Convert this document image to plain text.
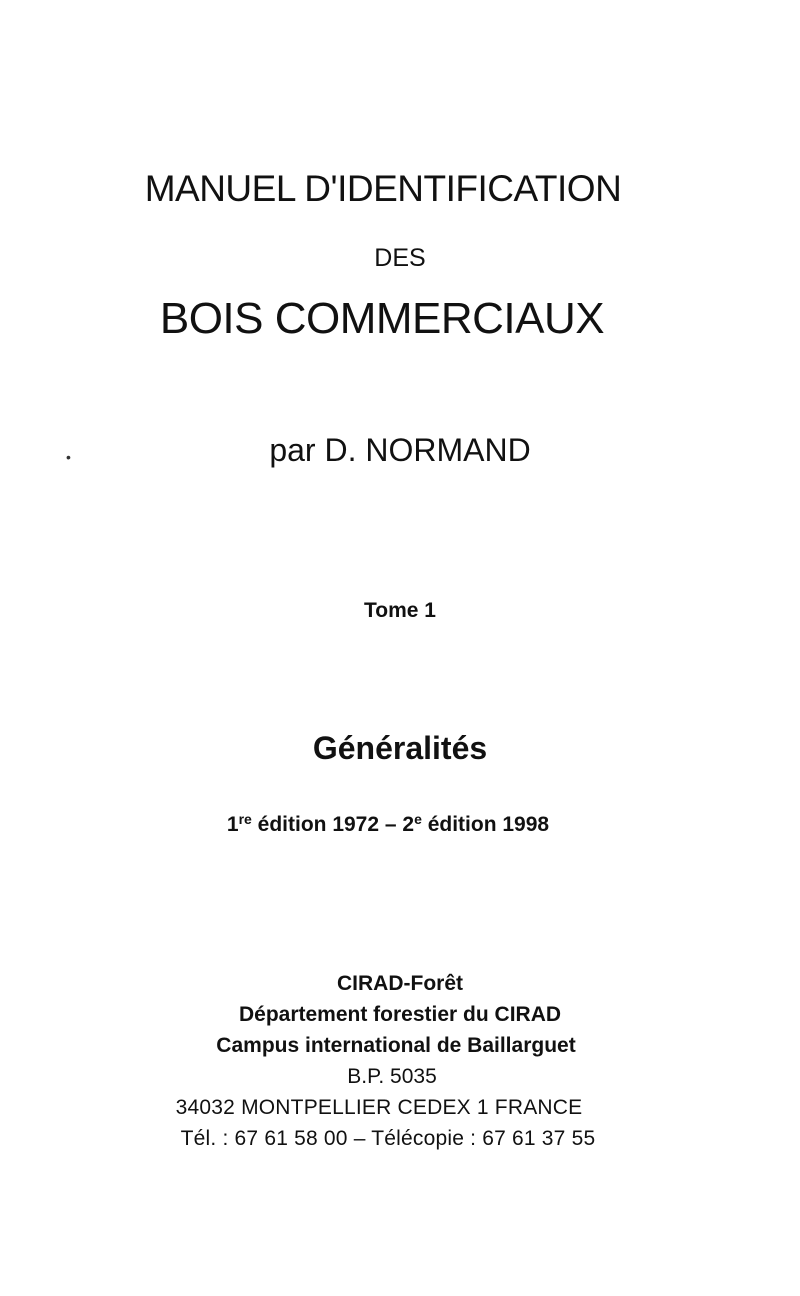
MANUEL D'IDENTIFICATION
DES
BOIS COMMERCIAUX
par D. NORMAND
Tome 1
Généralités
1re édition 1972 – 2e édition 1998
CIRAD-Forêt
Département forestier du CIRAD
Campus international de Baillarguet
B.P. 5035
34032 MONTPELLIER CEDEX 1 FRANCE
Tél. : 67 61 58 00 – Télécopie : 67 61 37 55
•
